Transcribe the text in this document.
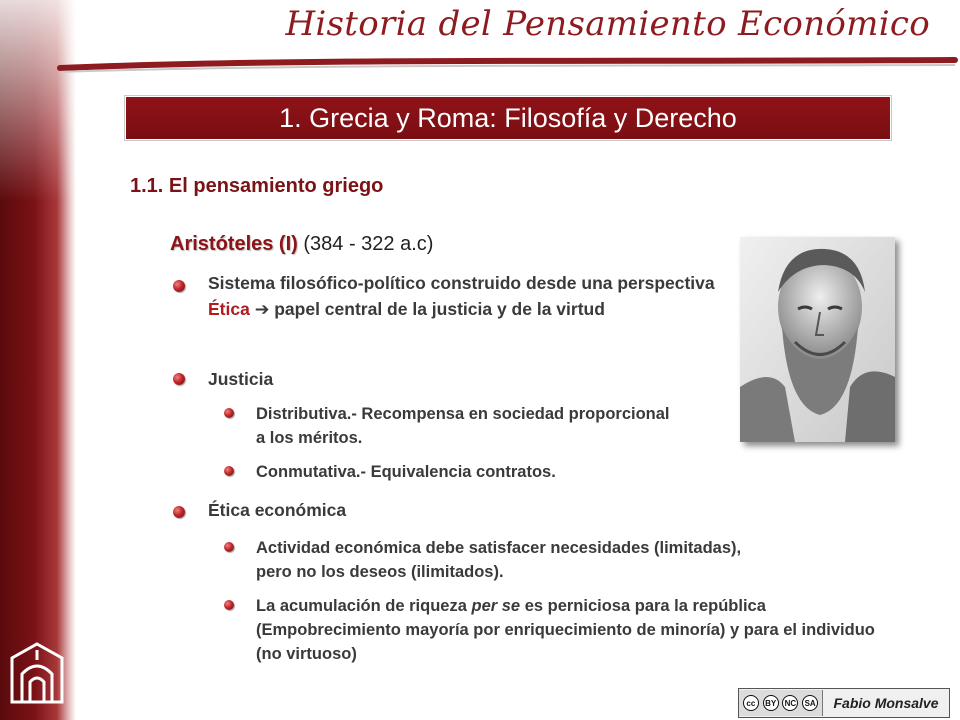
Historia del Pensamiento Económico
1. Grecia y Roma: Filosofía y Derecho
1.1. El pensamiento griego
Aristóteles (I) (384 - 322 a.c)
Sistema filosófico-político construido desde una perspectiva Ética ➔ papel central de la justicia y de la virtud
Justicia
Distributiva.- Recompensa en sociedad proporcional a los méritos.
Conmutativa.- Equivalencia contratos.
Ética económica
Actividad económica debe satisfacer necesidades (limitadas), pero no los deseos (ilimitados).
La acumulación de riqueza per se es perniciosa para la república (Empobrecimiento mayoría por enriquecimiento de minoría) y para el individuo (no virtuoso)
cc	BY	NC	SA	Fabio Monsalve
